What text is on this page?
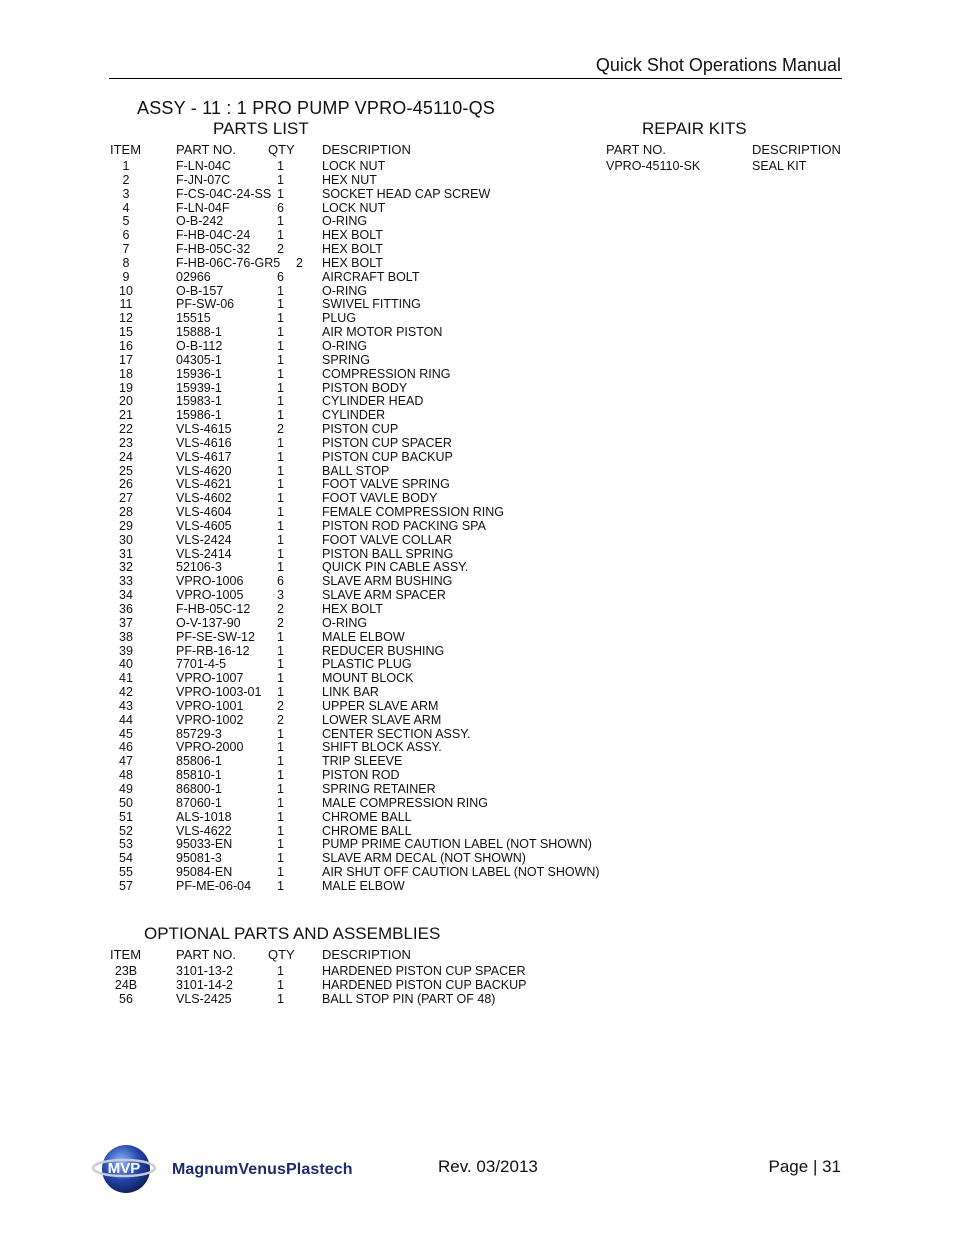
Quick Shot Operations Manual
ASSY - 11 : 1 PRO PUMP VPRO-45110-QS
PARTS LIST	REPAIR KITS
ITEM	PART NO. QTY DESCRIPTION	PART NO.	DESCRIPTION
VPRO-45110-SK	SEAL KIT
1	F-LN-04C	1	LOCK NUT
2	F-JN-07C	1	HEX NUT
3	F-CS-04C-24-SS 1	SOCKET HEAD CAP SCREW
4	F-LN-04F	6	LOCK NUT
5	O-B-242	1	O-RING
6	F-HB-04C-24 1	HEX BOLT
7	F-HB-05C-32 2	HEX BOLT
8	F-HB-06C-76-GR5 2 HEX BOLT
9	02966	6	AIRCRAFT BOLT
10	O-B-157	1	O-RING
11	PF-SW-06	1	SWIVEL FITTING
12	15515	1	PLUG
15	15888-1	1	AIR MOTOR PISTON
16	O-B-112	1	O-RING
17	04305-1	1	SPRING
18	15936-1	1	COMPRESSION RING
19	15939-1	1	PISTON BODY
20	15983-1	1	CYLINDER HEAD
21	15986-1	1	CYLINDER
22	VLS-4615	2	PISTON CUP
23	VLS-4616	1	PISTON CUP SPACER
24	VLS-4617	1	PISTON CUP BACKUP
25	VLS-4620	1	BALL STOP
26	VLS-4621	1	FOOT VALVE SPRING
27	VLS-4602	1	FOOT VAVLE BODY
28	VLS-4604	1	FEMALE COMPRESSION RING
29	VLS-4605	1	PISTON ROD PACKING SPA
30	VLS-2424	1	FOOT VALVE COLLAR
31	VLS-2414	1	PISTON BALL SPRING
32	52106-3	1	QUICK PIN CABLE ASSY.
33	VPRO-1006	6	SLAVE ARM BUSHING
34	VPRO-1005	3	SLAVE ARM SPACER
36	F-HB-05C-12 2	HEX BOLT
37	O-V-137-90	2	O-RING
38	PF-SE-SW-12 1	MALE ELBOW
39	PF-RB-16-12 1	REDUCER BUSHING
40	7701-4-5	1	PLASTIC PLUG
41	VPRO-1007	1	MOUNT BLOCK
42	VPRO-1003-01 1	LINK BAR
43	VPRO-1001	2	UPPER SLAVE ARM
44	VPRO-1002	2	LOWER SLAVE ARM
45	85729-3	1	CENTER SECTION ASSY.
46	VPRO-2000	1	SHIFT BLOCK ASSY.
47	85806-1	1	TRIP SLEEVE
48	85810-1	1	PISTON ROD
49	86800-1	1	SPRING RETAINER
50	87060-1	1	MALE COMPRESSION RING
51	ALS-1018	1	CHROME BALL
52	VLS-4622	1	CHROME BALL
53	95033-EN	1	PUMP PRIME CAUTION LABEL (NOT SHOWN)
54	95081-3	1	SLAVE ARM DECAL (NOT SHOWN)
55	95084-EN	1	AIR SHUT OFF CAUTION LABEL (NOT SHOWN)
57	PF-ME-06-04 1	MALE ELBOW
OPTIONAL PARTS AND ASSEMBLIES
ITEM	PART NO. QTY DESCRIPTION
23B	3101-13-2	1	HARDENED PISTON CUP SPACER
24B	3101-14-2	1	HARDENED PISTON CUP BACKUP
56	VLS-2425	1	BALL STOP PIN (PART OF 48)
MVP MagnumVenusPlastech	Rev. 03/2013	Page | 31
